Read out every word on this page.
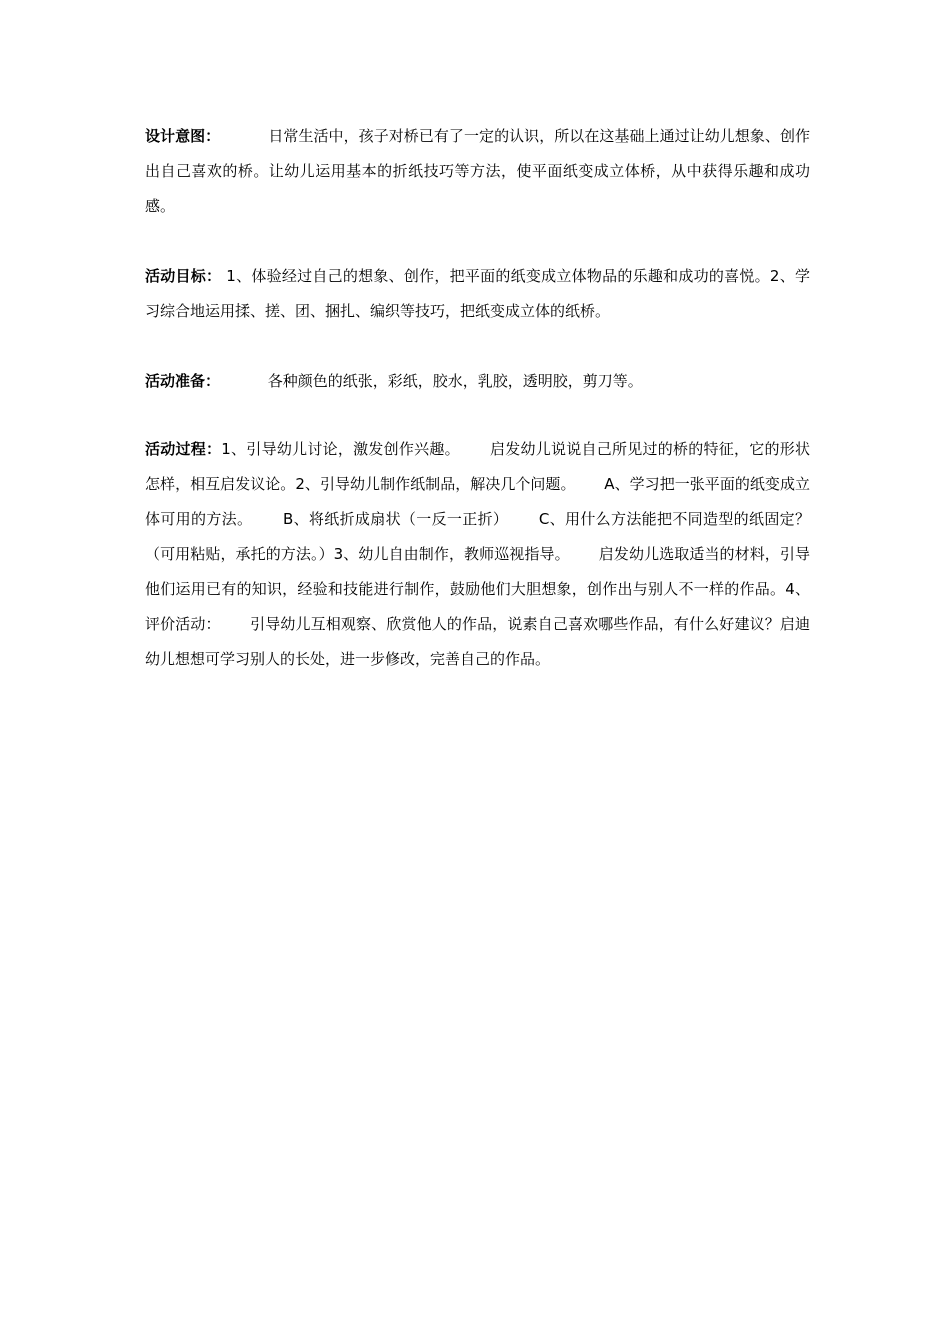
设计意图：          日常生活中，孩子对桥已有了一定的认识，所以在这基础上通过让幼儿想象、创作出自己喜欢的桥。让幼儿运用基本的折纸技巧等方法，使平面纸变成立体桥，从中获得乐趣和成功感。

活动目标： 1、体验经过自己的想象、创作，把平面的纸变成立体物品的乐趣和成功的喜悦。2、学习综合地运用揉、搓、团、捆扎、编织等技巧，把纸变成立体的纸桥。

活动准备：          各种颜色的纸张，彩纸，胶水，乳胶，透明胶，剪刀等。

活动过程：1、引导幼儿讨论，激发创作兴趣。      启发幼儿说说自己所见过的桥的特征，它的形状怎样，相互启发议论。2、引导幼儿制作纸制品，解决几个问题。      A、学习把一张平面的纸变成立体可用的方法。      B、将纸折成扇状（一反一正折）      C、用什么方法能把不同造型的纸固定？（可用粘贴，承托的方法。）3、幼儿自由制作，教师巡视指导。      启发幼儿选取适当的材料，引导他们运用已有的知识，经验和技能进行制作，鼓励他们大胆想象，创作出与别人不一样的作品。4、评价活动：      引导幼儿互相观察、欣赏他人的作品，说素自己喜欢哪些作品，有什么好建议？启迪幼儿想想可学习别人的长处，进一步修改，完善自己的作品。
